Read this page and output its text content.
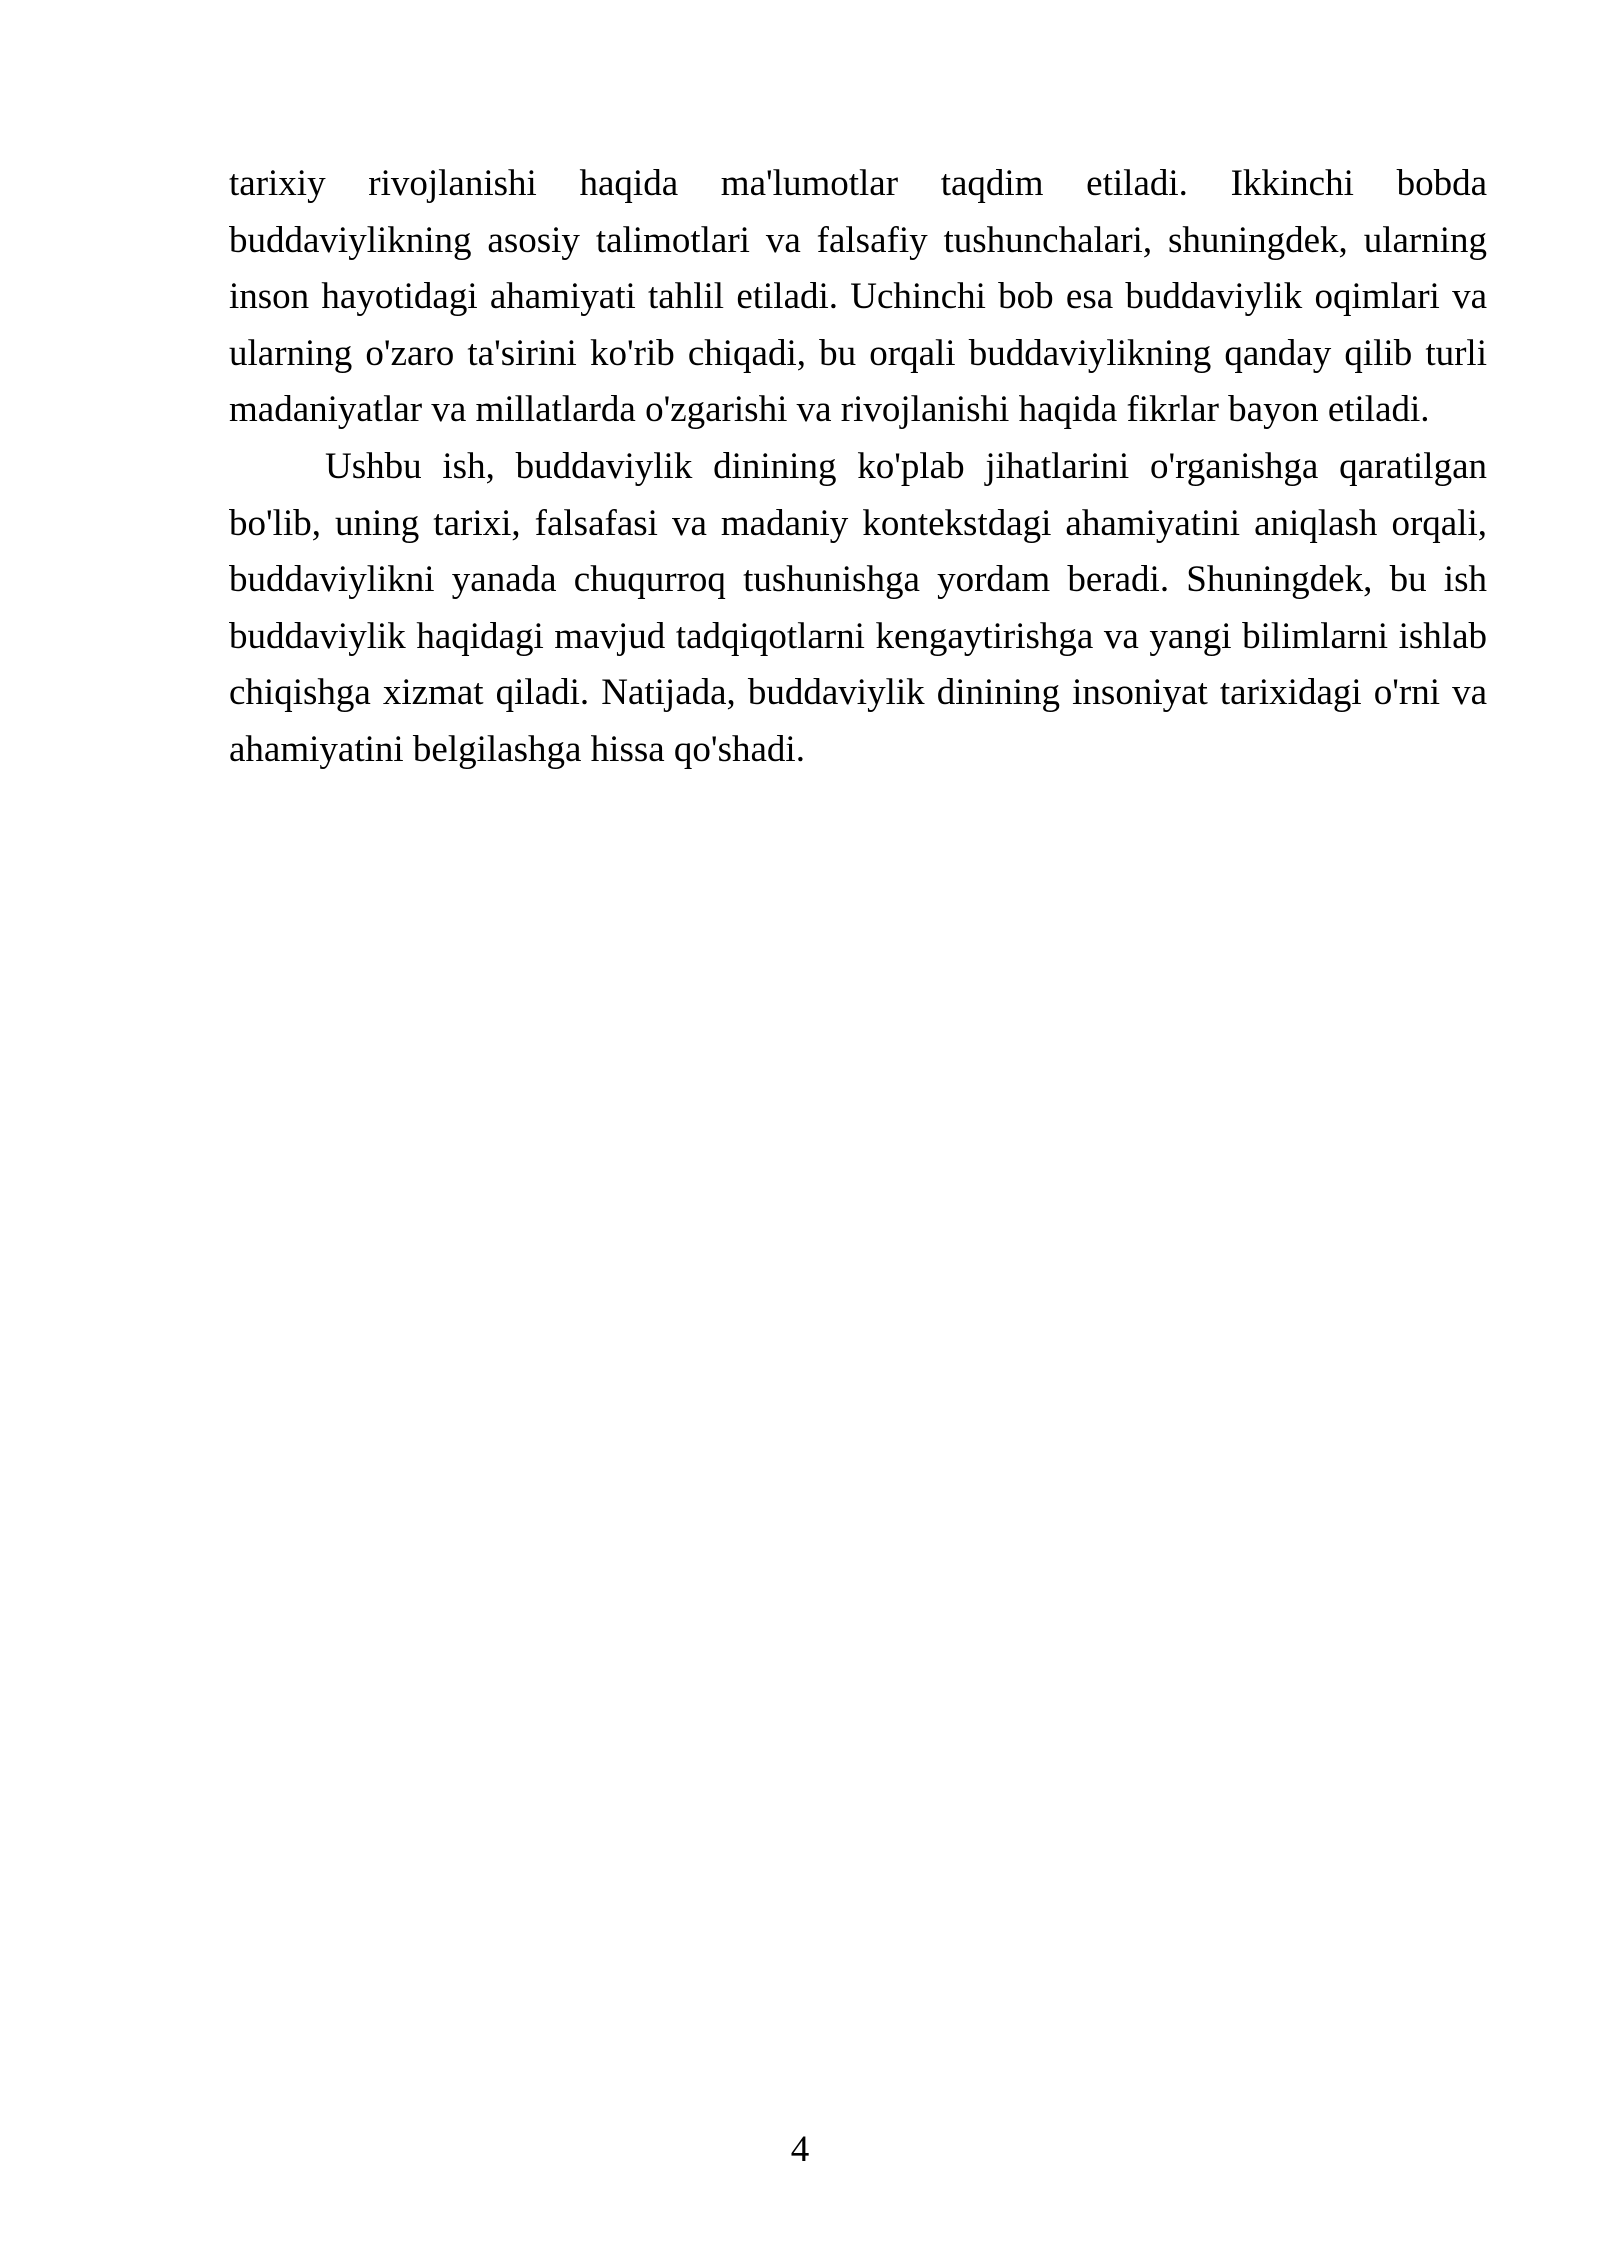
tarixiy rivojlanishi haqida ma'lumotlar taqdim etiladi. Ikkinchi bobda buddaviylikning asosiy talimotlari va falsafiy tushunchalari, shuningdek, ularning inson hayotidagi ahamiyati tahlil etiladi. Uchinchi bob esa buddaviylik oqimlari va ularning o'zaro ta'sirini ko'rib chiqadi, bu orqali buddaviylikning qanday qilib turli madaniyatlar va millatlarda o'zgarishi va rivojlanishi haqida fikrlar bayon etiladi.

Ushbu ish, buddaviylik dinining ko'plab jihatlarini o'rganishga qaratilgan bo'lib, uning tarixi, falsafasi va madaniy kontekstdagi ahamiyatini aniqlash orqali, buddaviylikni yanada chuqurroq tushunishga yordam beradi. Shuningdek, bu ish buddaviylik haqidagi mavjud tadqiqotlarni kengaytirishga va yangi bilimlarni ishlab chiqishga xizmat qiladi. Natijada, buddaviylik dinining insoniyat tarixidagi o'rni va ahamiyatini belgilashga hissa qo'shadi.

4
